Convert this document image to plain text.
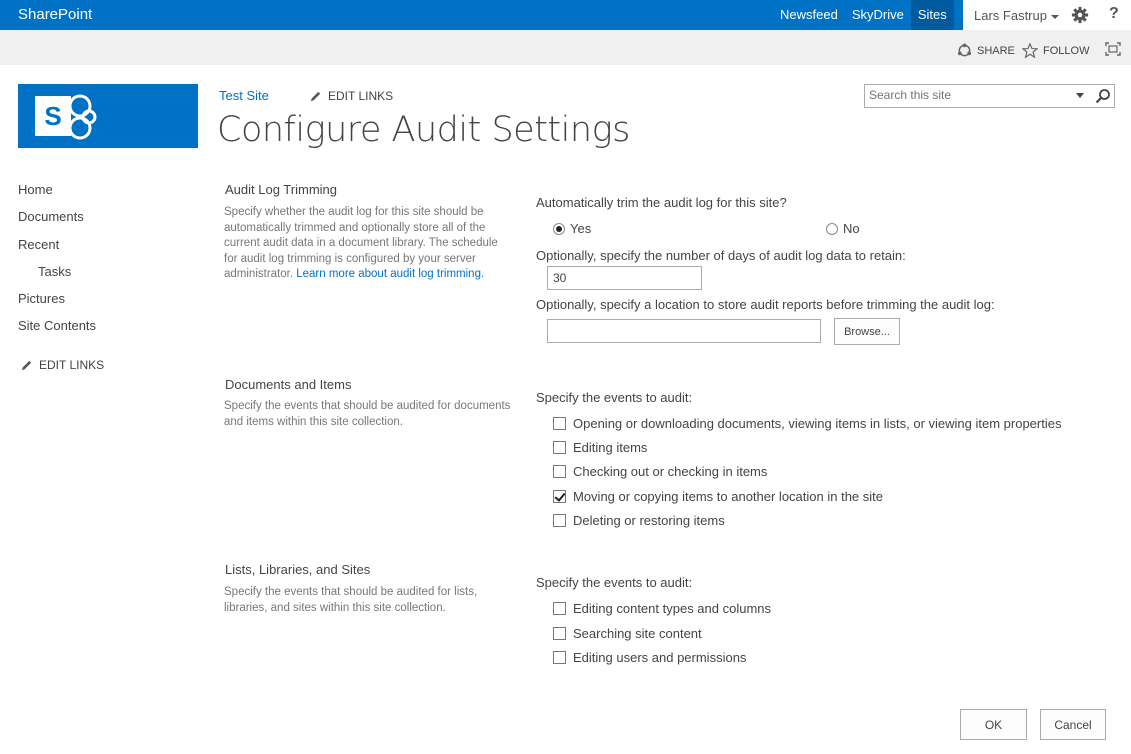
SharePoint	Newsfeed	SkyDrive	Sites	Lars Fastrup	?
SHARE	FOLLOW
S
Test Site	EDIT LINKS
Configure Audit Settings
Search this site
Home
Documents
Recent
Tasks
Pictures
Site Contents
EDIT LINKS
Audit Log Trimming
Specify whether the audit log for this site should be automatically trimmed and optionally store all of the current audit data in a document library. The schedule for audit log trimming is configured by your server administrator. Learn more about audit log trimming.
Automatically trim the audit log for this site?
Yes	No
Optionally, specify the number of days of audit log data to retain:
30
Optionally, specify a location to store audit reports before trimming the audit log:
Browse...
Documents and Items
Specify the events that should be audited for documents and items within this site collection.
Specify the events to audit:
Opening or downloading documents, viewing items in lists, or viewing item properties
Editing items
Checking out or checking in items
Moving or copying items to another location in the site
Deleting or restoring items
Lists, Libraries, and Sites
Specify the events that should be audited for lists, libraries, and sites within this site collection.
Specify the events to audit:
Editing content types and columns
Searching site content
Editing users and permissions
OK	Cancel
